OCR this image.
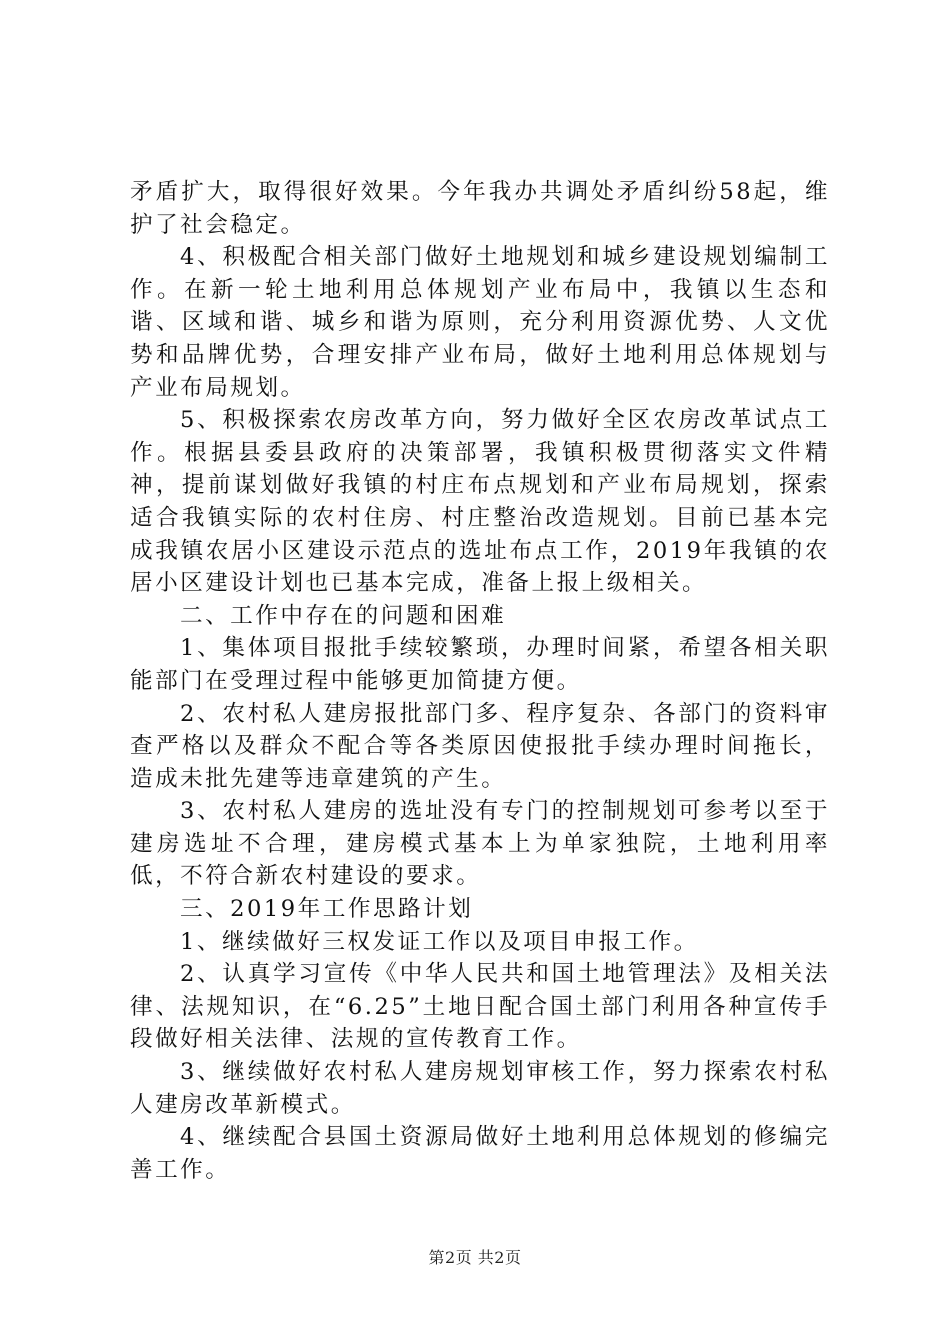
矛盾扩大，取得很好效果。今年我办共调处矛盾纠纷58起，维护了社会稳定。

4、积极配合相关部门做好土地规划和城乡建设规划编制工作。在新一轮土地利用总体规划产业布局中，我镇以生态和谐、区域和谐、城乡和谐为原则，充分利用资源优势、人文优势和品牌优势，合理安排产业布局，做好土地利用总体规划与产业布局规划。

5、积极探索农房改革方向，努力做好全区农房改革试点工作。根据县委县政府的决策部署，我镇积极贯彻落实文件精神，提前谋划做好我镇的村庄布点规划和产业布局规划，探索适合我镇实际的农村住房、村庄整治改造规划。目前已基本完成我镇农居小区建设示范点的选址布点工作，2019年我镇的农居小区建设计划也已基本完成，准备上报上级相关。

二、工作中存在的问题和困难

1、集体项目报批手续较繁琐，办理时间紧，希望各相关职能部门在受理过程中能够更加简捷方便。

2、农村私人建房报批部门多、程序复杂、各部门的资料审查严格以及群众不配合等各类原因使报批手续办理时间拖长，造成未批先建等违章建筑的产生。

3、农村私人建房的选址没有专门的控制规划可参考以至于建房选址不合理，建房模式基本上为单家独院，土地利用率低，不符合新农村建设的要求。

三、2019年工作思路计划

1、继续做好三权发证工作以及项目申报工作。

2、认真学习宣传《中华人民共和国土地管理法》及相关法律、法规知识，在“6.25”土地日配合国土部门利用各种宣传手段做好相关法律、法规的宣传教育工作。

3、继续做好农村私人建房规划审核工作，努力探索农村私人建房改革新模式。

4、继续配合县国土资源局做好土地利用总体规划的修编完善工作。

第2页 共2页
